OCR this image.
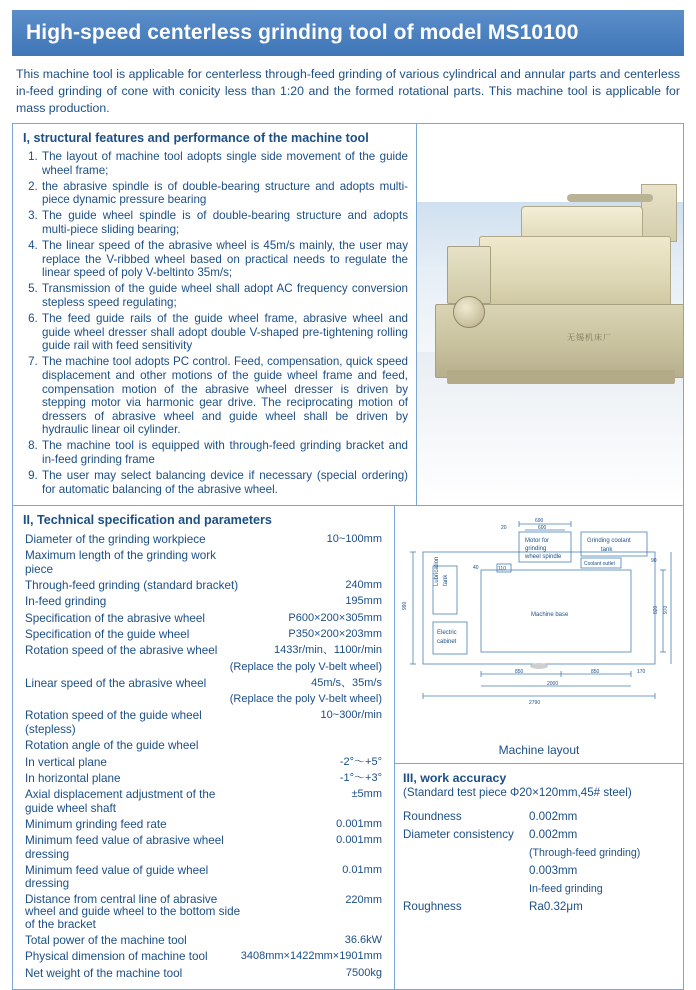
High-speed centerless grinding tool of model MS10100
This machine tool is applicable for centerless through-feed grinding of various cylindrical and annular parts and centerless in-feed grinding of cone with conicity less than 1:20 and the formed rotational parts. This machine tool is applicable for mass production.
I, structural features and performance of the machine tool
1. The layout of machine tool adopts single side movement of the guide wheel frame;
2. the abrasive spindle is of double-bearing structure and adopts multi-piece dynamic pressure bearing
3. The guide wheel spindle is of double-bearing structure and adopts multi-piece sliding bearing;
4. The linear speed of the abrasive wheel is 45m/s mainly, the user may replace the V-ribbed wheel based on practical needs to regulate the linear speed of poly V-beltinto 35m/s;
5. Transmission of the guide wheel shall adopt AC frequency conversion stepless speed regulating;
6. The feed guide rails of the guide wheel frame, abrasive wheel and guide wheel dresser shall adopt double V-shaped pre-tightening rolling guide rail with feed sensitivity
7. The machine tool adopts PC control. Feed, compensation, quick speed displacement and other motions of the guide wheel frame and feed, compensation motion of the abrasive wheel dresser is driven by stepping motor via harmonic gear drive. The reciprocating motion of dressers of abrasive wheel and guide wheel shall be driven by hydraulic linear oil cylinder.
8. The machine tool is equipped with through-feed grinding bracket and in-feed grinding frame
9. The user may select balancing device if necessary (special ordering) for automatic balancing of the abrasive wheel.
无锡机床厂
II, Technical specification and parameters
Diameter of the grinding workpiece	10~100mm
Maximum length of the grinding work piece	
Through-feed grinding (standard bracket)	240mm
In-feed grinding	195mm
Specification of the abrasive wheel	P600×200×305mm
Specification of the guide wheel	P350×200×203mm
Rotation speed of the abrasive wheel	1433r/min、1100r/min
(Replace the poly V-belt wheel)	
Linear speed of the abrasive wheel	45m/s、35m/s
(Replace the poly V-belt wheel)	
Rotation speed of the guide wheel (stepless)	10~300r/min
Rotation angle of the guide wheel	
In vertical plane	-2°～+5°
In horizontal plane	-1°～+3°
Axial displacement adjustment of the guide wheel shaft	±5mm
Minimum grinding feed rate	0.001mm
Minimum feed value of abrasive wheel dressing	0.001mm
Minimum feed value of guide wheel dressing	0.01mm
Distance from central line of abrasive wheel and guide wheel to the bottom side of the bracket	220mm
Total power of the machine tool	36.6kW
Physical dimension of machine tool	3408mm×1422mm×1901mm
Net weight of the machine tool	7500kg
690
600
20
990
40	110
850	850	170
2000
2790
820 970
90
Lubrication tank
Electric
cabinet
Motor for
grinding
wheel spindle
Grinding coolant
tank
Coolant outlet
Machine base
Machine layout
III, work accuracy
(Standard test piece Φ20×120mm,45# steel)
Roundness	0.002mm
Diameter consistency	0.002mm
	(Through-feed grinding)
	0.003mm
	In-feed grinding
Roughness	Ra0.32μm
